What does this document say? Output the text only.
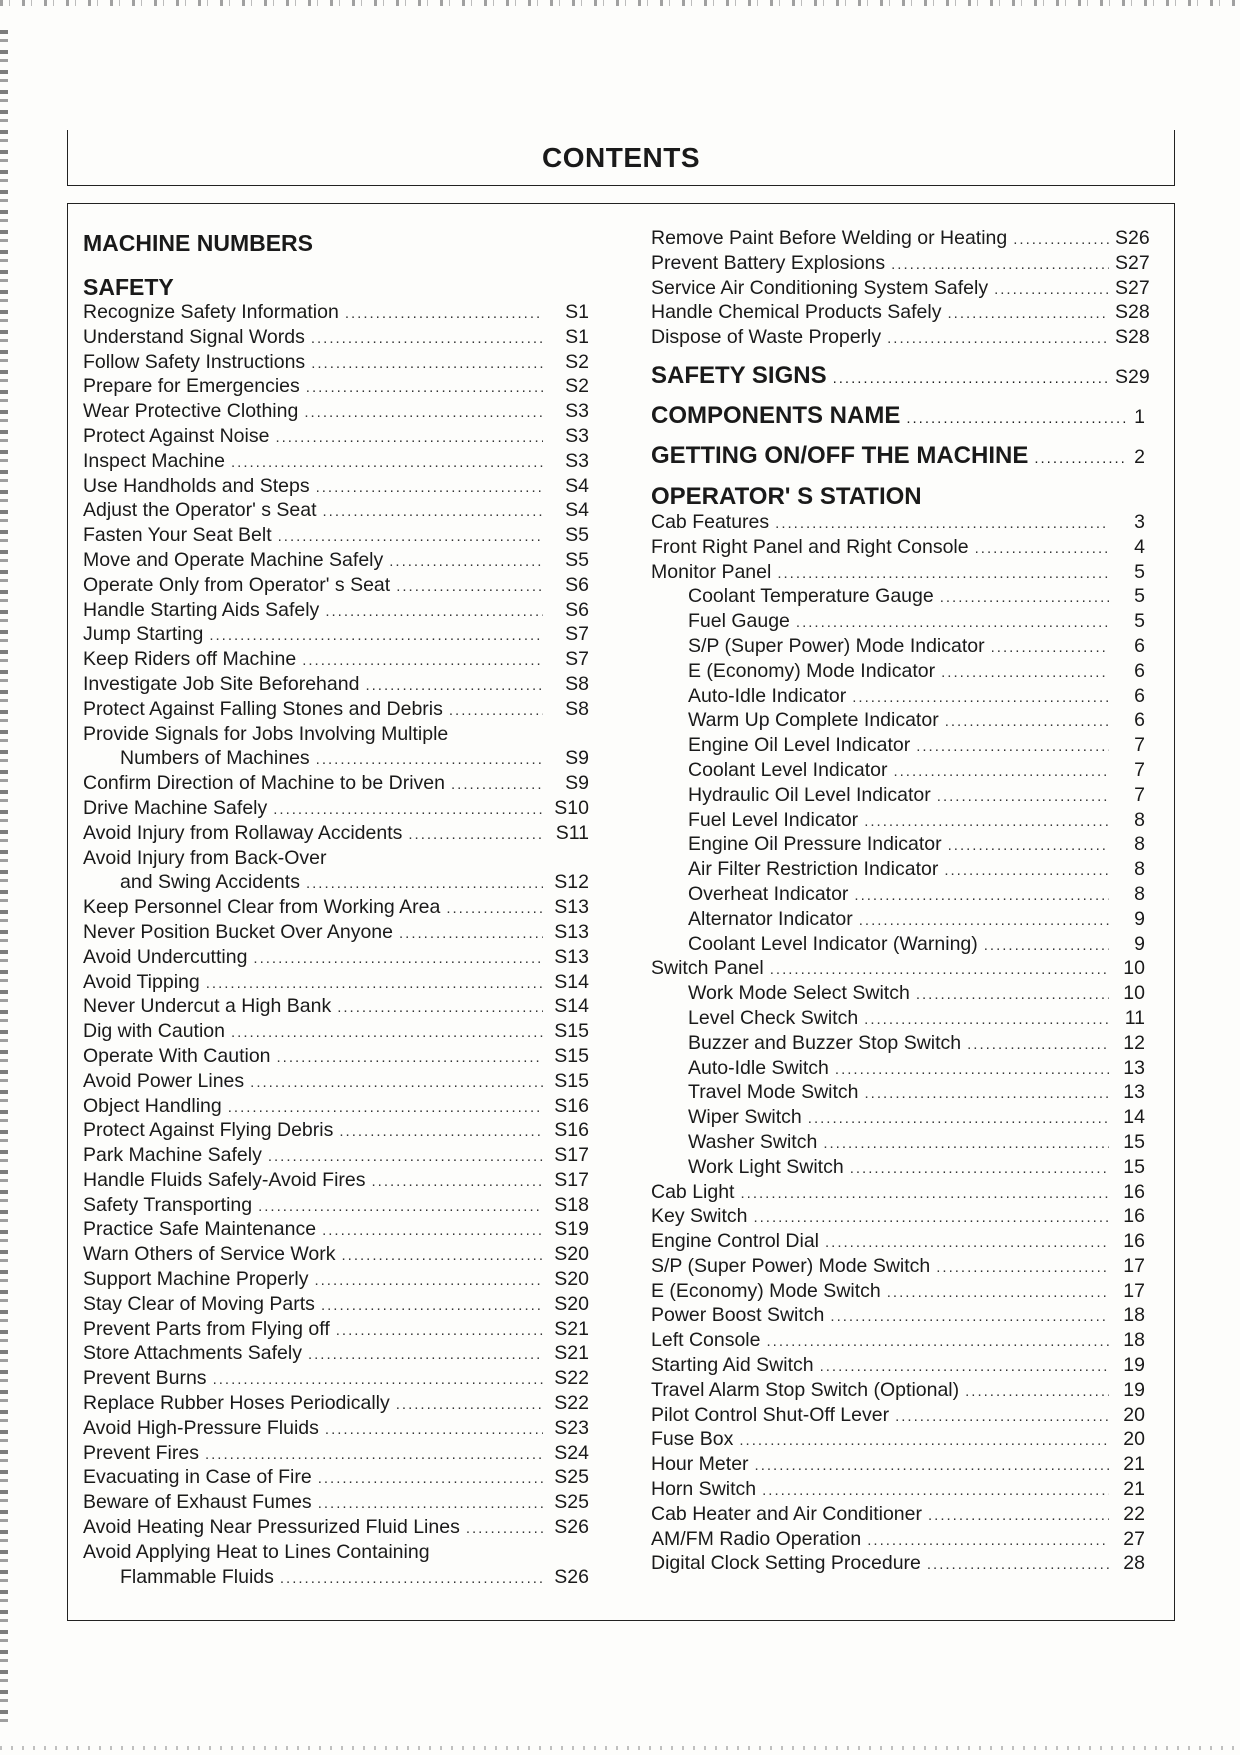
CONTENTS
MACHINE NUMBERS
SAFETY
Recognize Safety Information .....	S1
Understand Signal Words .....	S1
Follow Safety Instructions .....	S2
Prepare for Emergencies .....	S2
Wear Protective Clothing .....	S3
Protect Against Noise .....	S3
Inspect Machine .....	S3
Use Handholds and Steps .....	S4
Adjust the Operator' s Seat .....	S4
Fasten Your Seat Belt .....	S5
Move and Operate Machine Safely .....	S5
Operate Only from Operator' s Seat .....	S6
Handle Starting Aids Safely .....	S6
Jump Starting .....	S7
Keep Riders off Machine .....	S7
Investigate Job Site Beforehand .....	S8
Protect Against Falling Stones and Debris .....	S8
Provide Signals for Jobs Involving Multiple
Numbers of Machines .....	S9
Confirm Direction of Machine to be Driven .....	S9
Drive Machine Safely .....	S10
Avoid Injury from Rollaway Accidents .....	S11
Avoid Injury from Back-Over
and Swing Accidents .....	S12
Keep Personnel Clear from Working Area .....	S13
Never Position Bucket Over Anyone .....	S13
Avoid Undercutting .....	S13
Avoid Tipping .....	S14
Never Undercut a High Bank .....	S14
Dig with Caution .....	S15
Operate With Caution .....	S15
Avoid Power Lines .....	S15
Object Handling .....	S16
Protect Against Flying Debris .....	S16
Park Machine Safely .....	S17
Handle Fluids Safely-Avoid Fires .....	S17
Safety Transporting .....	S18
Practice Safe Maintenance .....	S19
Warn Others of Service Work .....	S20
Support Machine Properly .....	S20
Stay Clear of Moving Parts .....	S20
Prevent Parts from Flying off .....	S21
Store Attachments Safely .....	S21
Prevent Burns .....	S22
Replace Rubber Hoses Periodically .....	S22
Avoid High-Pressure Fluids .....	S23
Prevent Fires .....	S24
Evacuating in Case of Fire .....	S25
Beware of Exhaust Fumes .....	S25
Avoid Heating Near Pressurized Fluid Lines .....	S26
Avoid Applying Heat to Lines Containing
Flammable Fluids .....	S26
Remove Paint Before Welding or Heating .....	S26
Prevent Battery Explosions .....	S27
Service Air Conditioning System Safely .....	S27
Handle Chemical Products Safely .....	S28
Dispose of Waste Properly .....	S28
SAFETY SIGNS .....	S29
COMPONENTS NAME .....	1
GETTING ON/OFF THE MACHINE .....	2
OPERATOR' S STATION
Cab Features .....	3
Front Right Panel and Right Console .....	4
Monitor Panel .....	5
Coolant Temperature Gauge .....	5
Fuel Gauge .....	5
S/P (Super Power) Mode Indicator .....	6
E (Economy) Mode Indicator .....	6
Auto-Idle Indicator .....	6
Warm Up Complete Indicator .....	6
Engine Oil Level Indicator .....	7
Coolant Level Indicator .....	7
Hydraulic Oil Level Indicator .....	7
Fuel Level Indicator .....	8
Engine Oil Pressure Indicator .....	8
Air Filter Restriction Indicator .....	8
Overheat Indicator .....	8
Alternator Indicator .....	9
Coolant Level Indicator (Warning) .....	9
Switch Panel .....	10
Work Mode Select Switch .....	10
Level Check Switch .....	11
Buzzer and Buzzer Stop Switch .....	12
Auto-Idle Switch .....	13
Travel Mode Switch .....	13
Wiper Switch .....	14
Washer Switch .....	15
Work Light Switch .....	15
Cab Light .....	16
Key Switch .....	16
Engine Control Dial .....	16
S/P (Super Power) Mode Switch .....	17
E (Economy) Mode Switch .....	17
Power Boost Switch .....	18
Left Console .....	18
Starting Aid Switch .....	19
Travel Alarm Stop Switch (Optional) .....	19
Pilot Control Shut-Off Lever .....	20
Fuse Box .....	20
Hour Meter .....	21
Horn Switch .....	21
Cab Heater and Air Conditioner .....	22
AM/FM Radio Operation .....	27
Digital Clock Setting Procedure .....	28
